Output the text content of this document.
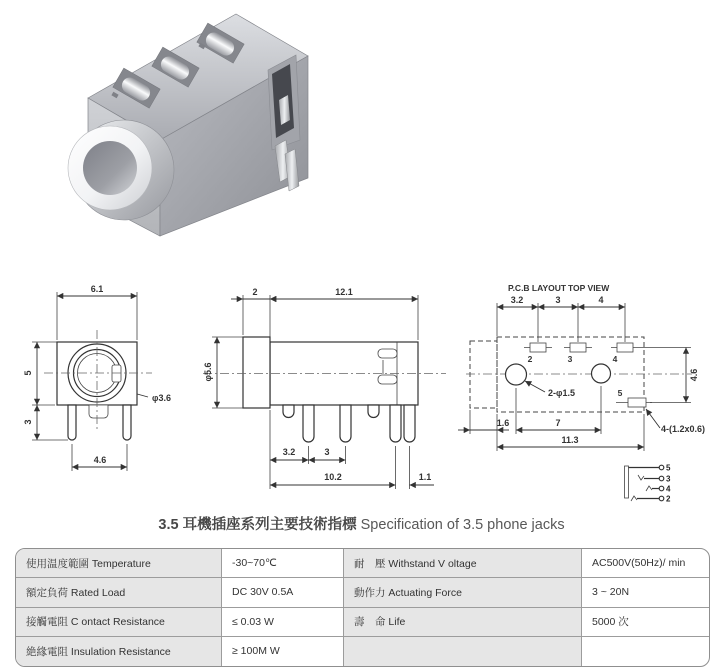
6.1
5
3
4.6
φ3.6
2	12.1
φ5.6
3.2	3
10.2	1.1
P.C.B LAYOUT TOP VIEW
2	3	4
5
3.2	3	4
4.6
1.6	7
11.3
2-φ1.5
4-(1.2x0.6)
5
3
4
2
3.5 耳機插座系列主要技術指標 Specification of 3.5 phone jacks
使用温度範圍 Temperature	-30~70℃	耐　壓 Withstand V oltage	AC500V(50Hz)/ min
額定負荷 Rated Load	DC 30V 0.5A	動作力 Actuating Force	3 ~ 20N
接觸電阻 C ontact Resistance	≤ 0.03 W	壽　命 Life	5000 次
絶緣電阻 Insulation Resistance	≥ 100M W
